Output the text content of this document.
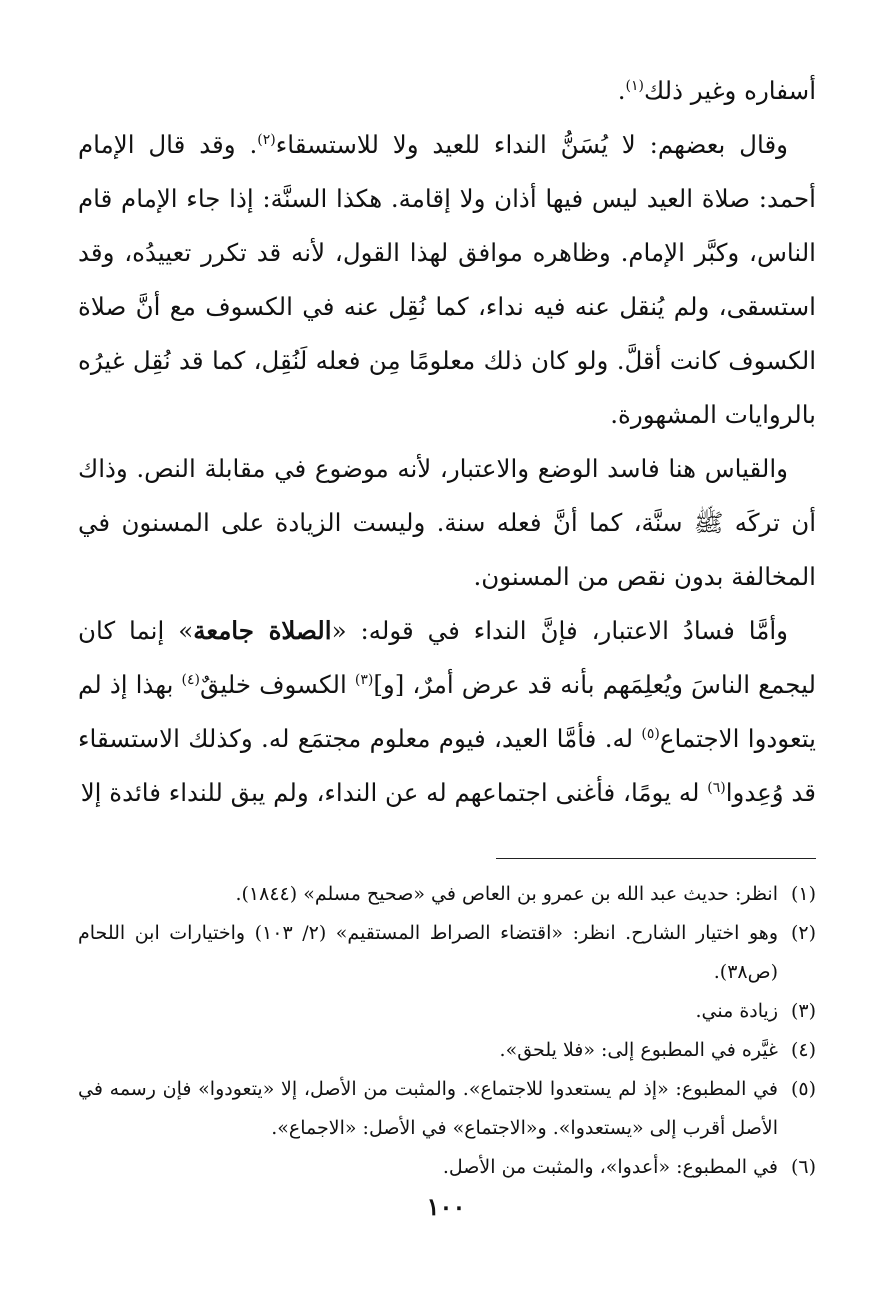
أسفاره وغير ذلك$^{(١)}$.

وقال بعضهم: لا يُسَنُّ النداء للعيد ولا للاستسقاء$^{(٢)}$. وقد قال الإمام أحمد: صلاة العيد ليس فيها أذان ولا إقامة. هكذا السنَّة: إذا جاء الإمام قام الناس، وكبَّر الإمام. وظاهره موافق لهذا القول، لأنه قد تكرر تعييدُه، وقد استسقى، ولم يُنقل عنه فيه نداء، كما نُقِل عنه في الكسوف مع أنَّ صلاة الكسوف كانت أقلَّ. ولو كان ذلك معلومًا مِن فعله لَنُقِل، كما قد نُقِل غيرُه بالروايات المشهورة.

والقياس هنا فاسد الوضع والاعتبار، لأنه موضوع في مقابلة النص. وذاك أن تركَه ﷺ سنَّة، كما أنَّ فعله سنة. وليست الزيادة على المسنون في المخالفة بدون نقص من المسنون.

وأمَّا فسادُ الاعتبار، فإنَّ النداء في قوله: «الصلاة جامعة» إنما كان ليجمع الناسَ ويُعلِمَهم بأنه قد عرض أمرٌ، [و]$^{(٣)}$ الكسوف خليقٌ$^{(٤)}$ بهذا إذ لم يتعودوا الاجتماع$^{(٥)}$ له. فأمَّا العيد، فيوم معلوم مجتمَع له. وكذلك الاستسقاء قد وُعِدوا$^{(٦)}$ له يومًا، فأغنى اجتماعهم له عن النداء، ولم يبق للنداء فائدة إلا

(١)
انظر: حديث عبد الله بن عمرو بن العاص في «صحيح مسلم» (١٨٤٤).
(٢)
وهو اختيار الشارح. انظر: «اقتضاء الصراط المستقيم» (٢/ ١٠٣) واختيارات ابن اللحام (ص٣٨).
(٣)
زيادة مني.
(٤)
غيَّره في المطبوع إلى: «فلا يلحق».
(٥)
في المطبوع: «إذ لم يستعدوا للاجتماع». والمثبت من الأصل، إلا «يتعودوا» فإن رسمه في الأصل أقرب إلى «يستعدوا». و«الاجتماع» في الأصل: «الاجماع».
(٦)
في المطبوع: «أعدوا»، والمثبت من الأصل.
١٠٠
